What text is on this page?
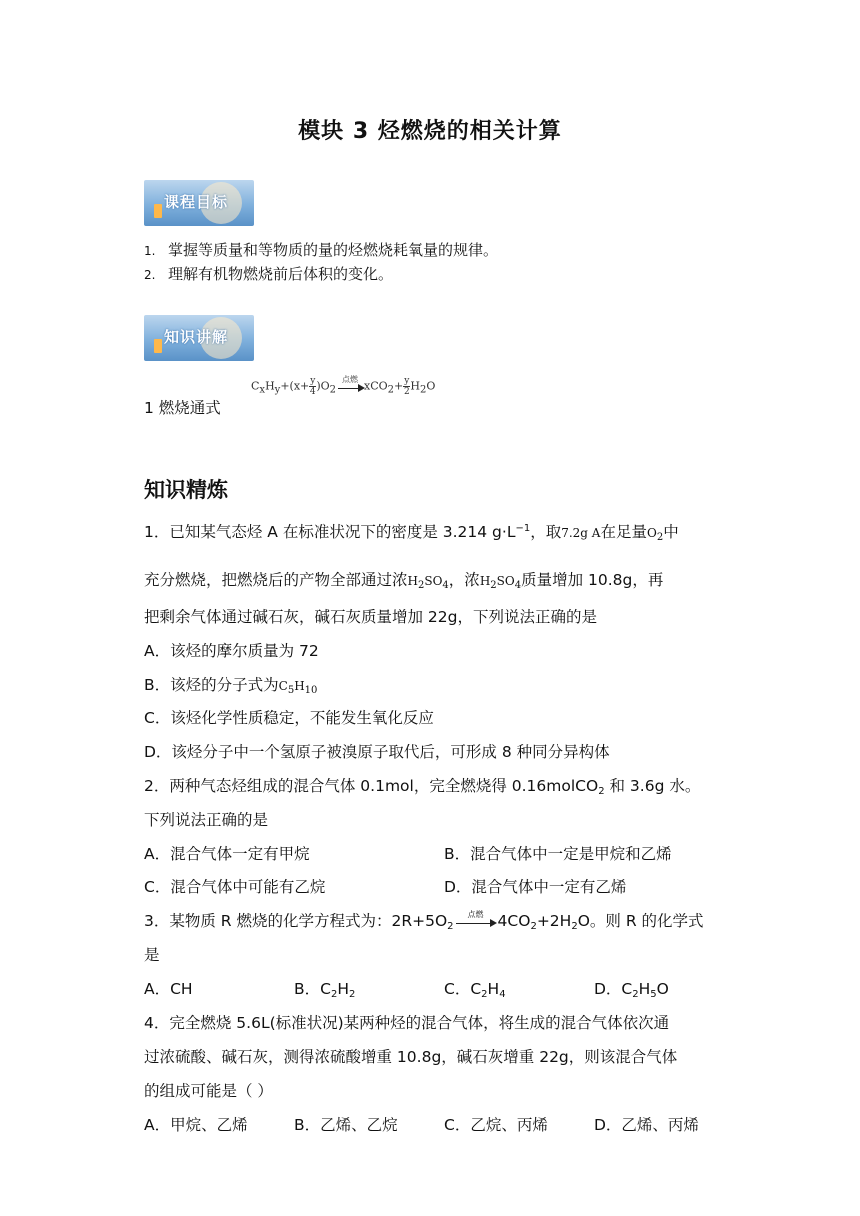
模块 3 烃燃烧的相关计算
课程目标
1. 掌握等质量和等物质的量的烃燃烧耗氧量的规律。
2. 理解有机物燃烧前后体积的变化。
知识讲解
1 燃烧通式
$C_xH_y+(x+ \frac{y}{4})O_2$
点燃
$xCO_2+ \frac{y}{2}H_2O$
知识精炼
1．已知某气态烃 A 在标准状况下的密度是 3.214 $g\cdot L^{-1}$，取7.2g A在足量$O_2$中
充分燃烧，把燃烧后的产物全部通过浓$H_2SO_4$，浓$H_2SO_4$质量增加 10.8g，再
把剩余气体通过碱石灰，碱石灰质量增加 22g，下列说法正确的是
A．该烃的摩尔质量为 72
B．该烃的分子式为$C_5H_{10}$
C．该烃化学性质稳定，不能发生氧化反应
D．该烃分子中一个氢原子被溴原子取代后，可形成 8 种同分异构体
2．两种气态烃组成的混合气体 0.1mol，完全燃烧得 0.16molCO$_2$ 和 3.6g 水。
下列说法正确的是
A．混合气体一定有甲烷	B．混合气体中一定是甲烷和乙烯
C．混合气体中可能有乙烷	D．混合气体中一定有乙烯
3．某物质 R 燃烧的化学方程式为：$2R+5O_2$
点燃 $4CO_2+2H_2O$。则 R 的化学式
是
A．CH	B．$C_2H_2$	C．$C_2H_4$	D．$C_2H_5O$
4．完全燃烧 5.6L(标准状况)某两种烃的混合气体，将生成的混合气体依次通
过浓硫酸、碱石灰，测得浓硫酸增重 10.8g，碱石灰增重 22g，则该混合气体
的组成可能是（ ）
A．甲烷、乙烯	B．乙烯、乙烷	C．乙烷、丙烯	D．乙烯、丙烯
